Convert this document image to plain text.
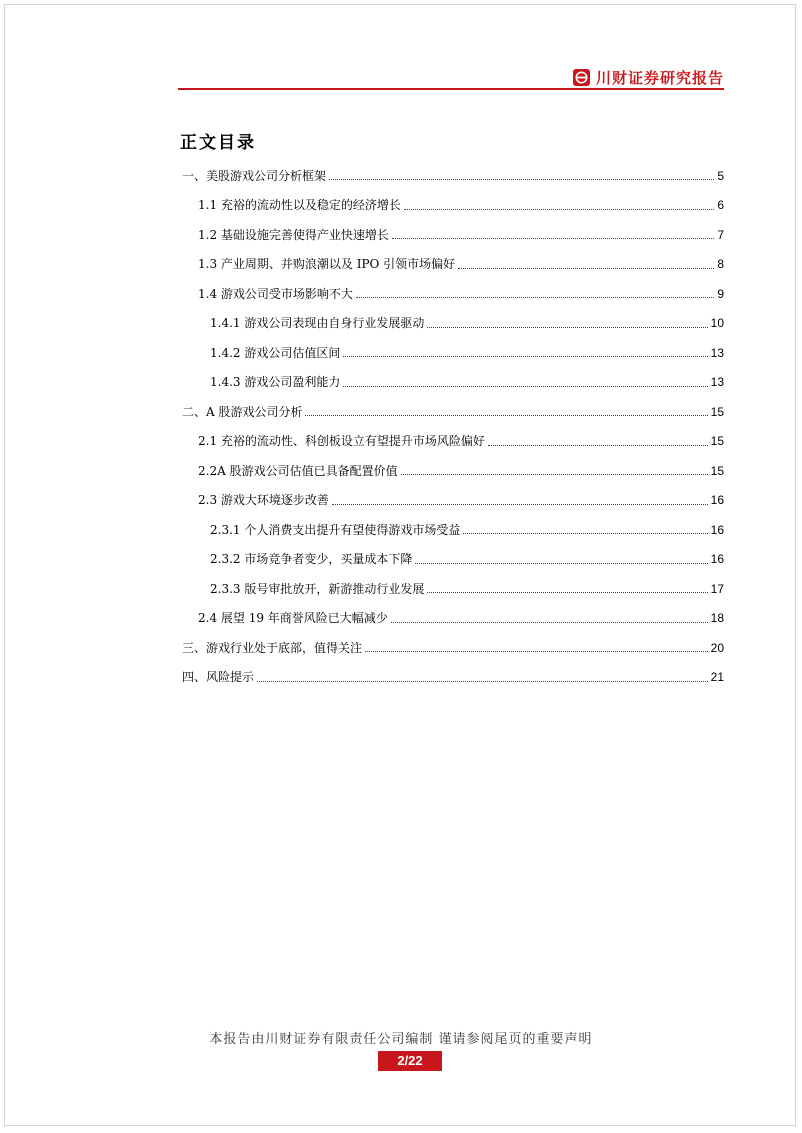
川财证券研究报告
正文目录
一、美股游戏公司分析框架	5
1.1 充裕的流动性以及稳定的经济增长	6
1.2 基础设施完善使得产业快速增长	7
1.3 产业周期、并购浪潮以及 IPO 引领市场偏好	8
1.4 游戏公司受市场影响不大	9
1.4.1 游戏公司表现由自身行业发展驱动	10
1.4.2 游戏公司估值区间	13
1.4.3 游戏公司盈利能力	13
二、A 股游戏公司分析	15
2.1 充裕的流动性、科创板设立有望提升市场风险偏好	15
2.2A 股游戏公司估值已具备配置价值	15
2.3 游戏大环境逐步改善	16
2.3.1 个人消费支出提升有望使得游戏市场受益	16
2.3.2 市场竞争者变少，买量成本下降	16
2.3.3 版号审批放开，新游推动行业发展	17
2.4 展望 19 年商誉风险已大幅减少	18
三、游戏行业处于底部，值得关注	20
四、风险提示	21
本报告由川财证券有限责任公司编制 谨请参阅尾页的重要声明
2/22
